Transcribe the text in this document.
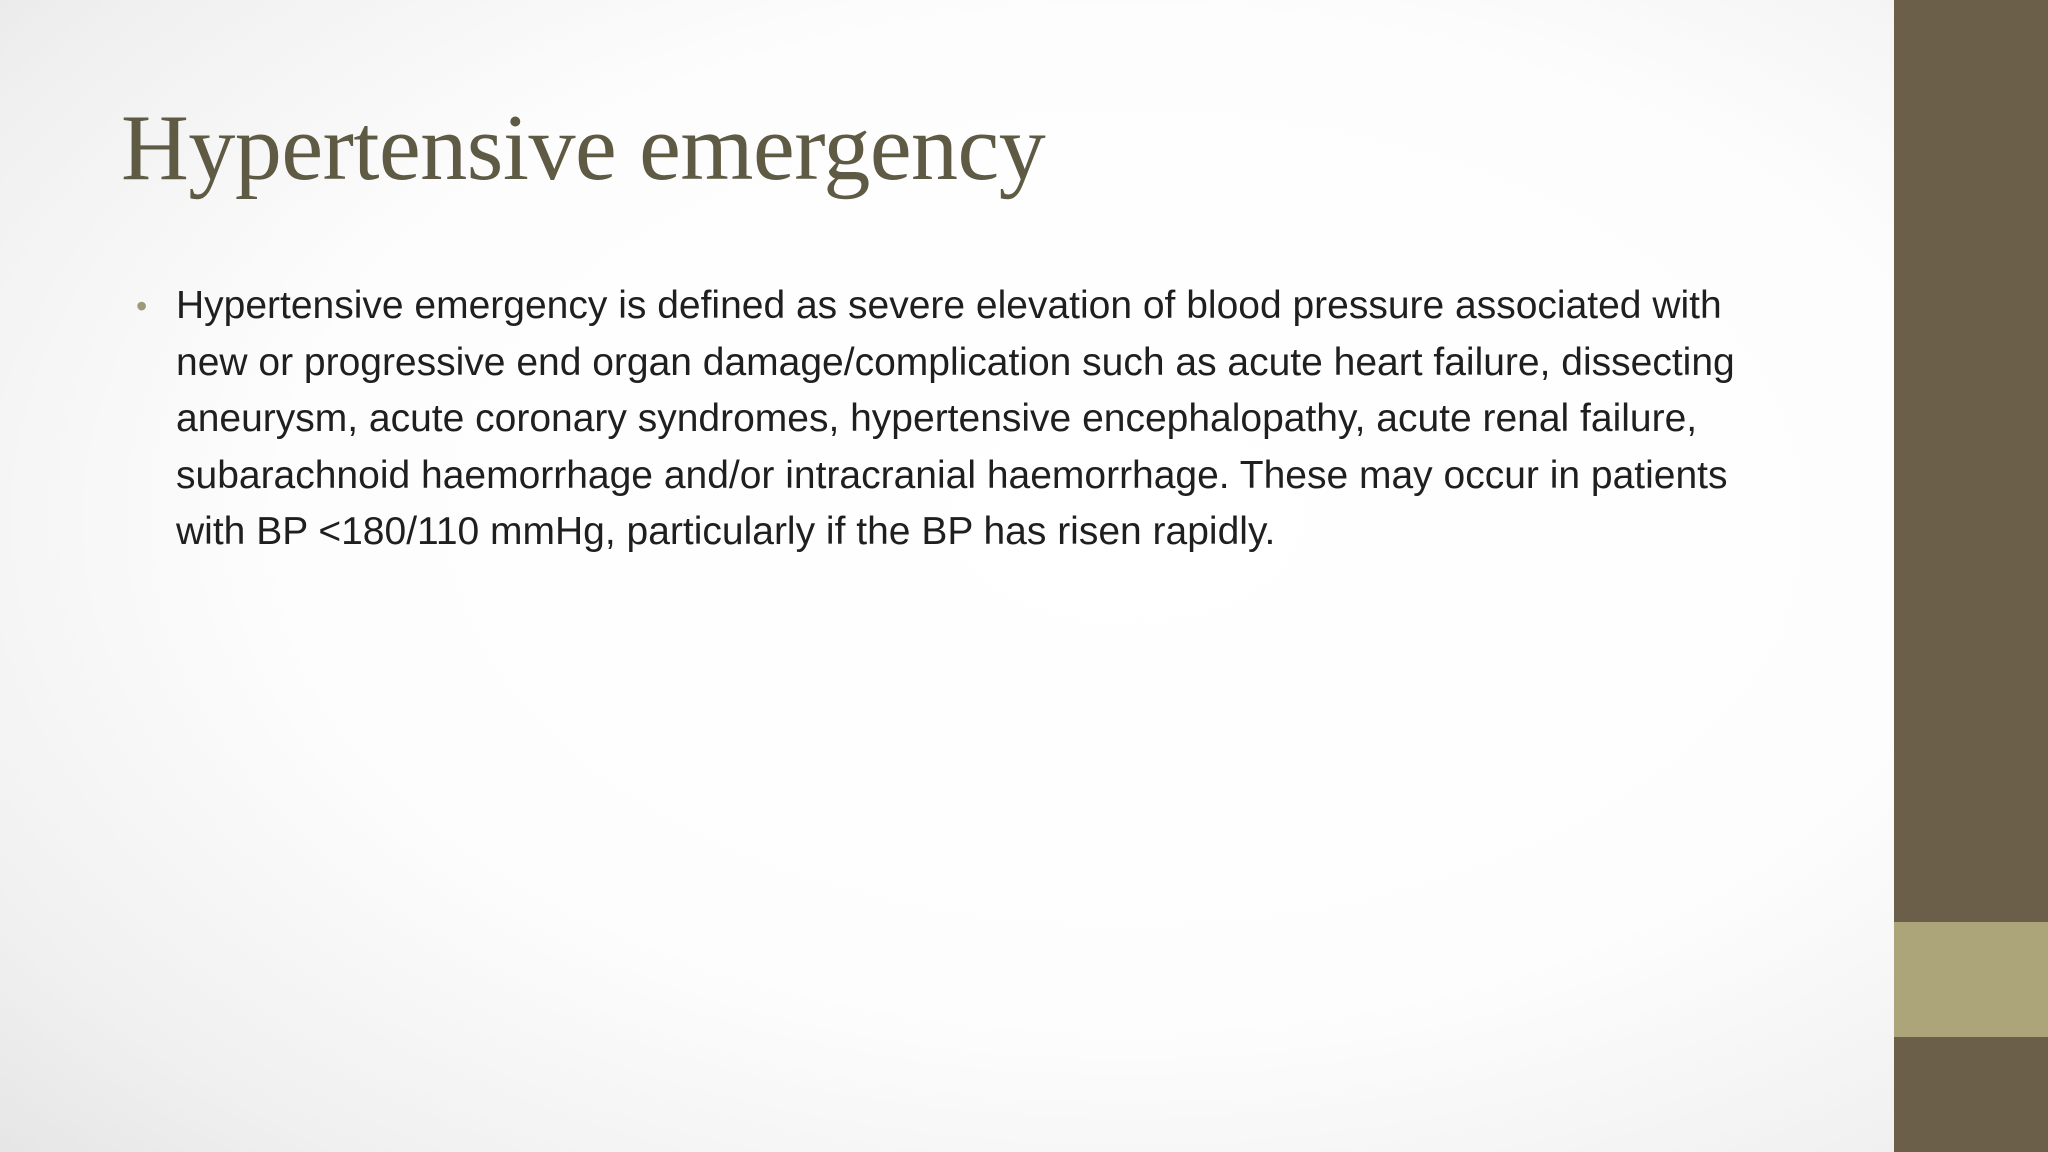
Hypertensive emergency
• Hypertensive emergency is defined as severe elevation of blood pressure associated with new or progressive end organ damage/complication such as acute heart failure, dissecting aneurysm, acute coronary syndromes, hypertensive encephalopathy, acute renal failure, subarachnoid haemorrhage and/or intracranial haemorrhage. These may occur in patients with BP <180/110 mmHg, particularly if the BP has risen rapidly.
